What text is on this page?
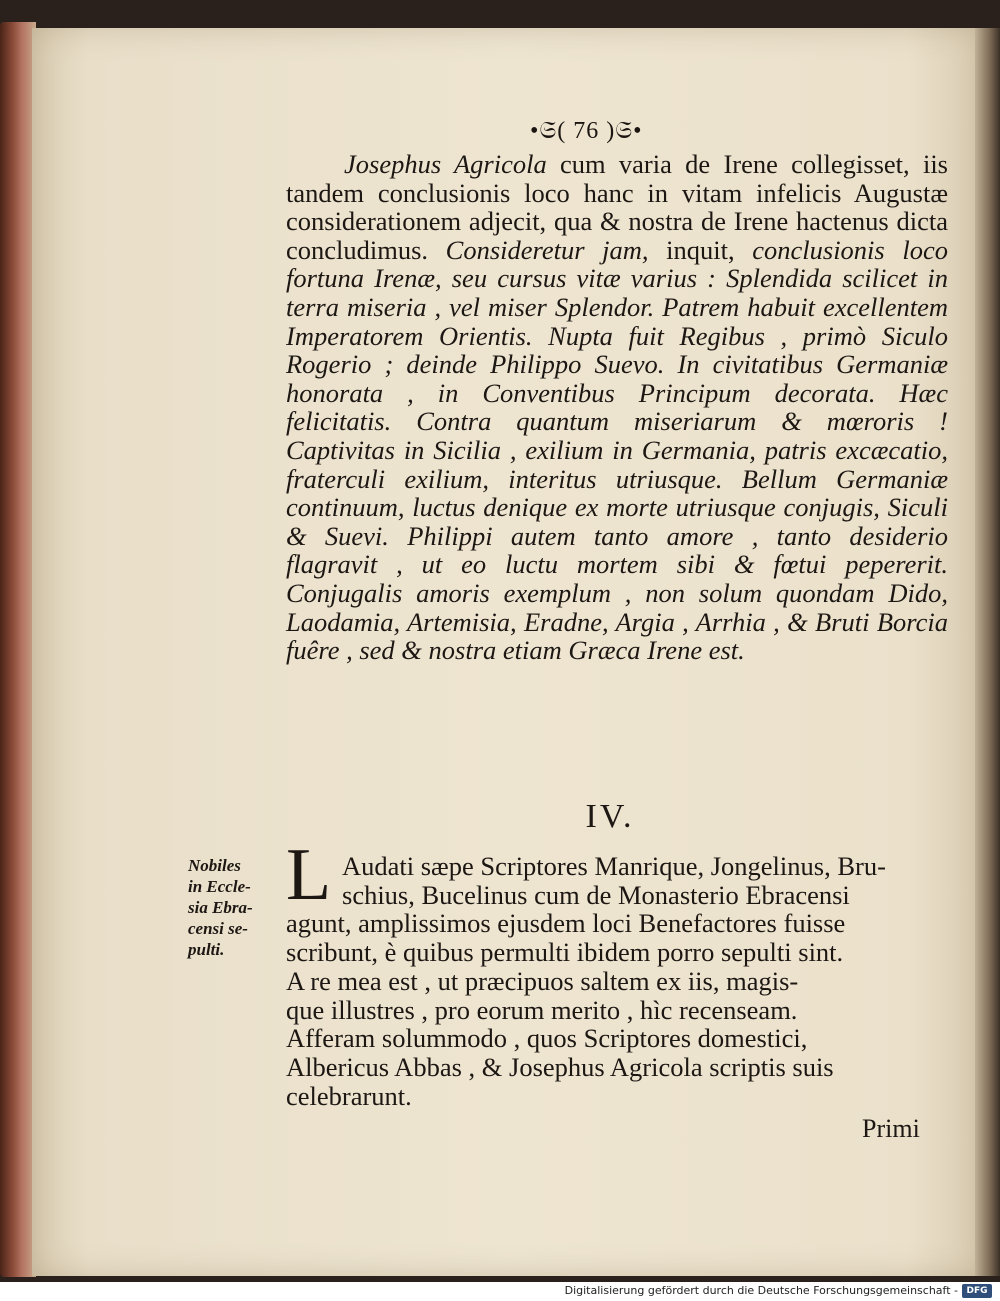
•𝔖( 76 )𝔖•

Josephus Agricola cum varia de Irene collegisset, iis tandem conclusionis loco hanc in vitam infelicis Augustæ considerationem adjecit, qua & nostra de Irene hactenus dicta concludimus. Consideretur jam, inquit, conclusionis loco fortuna Irenæ, seu cursus vitæ varius : Splendida scilicet in terra miseria , vel miser Splendor. Patrem habuit excellentem Imperatorem Orientis. Nupta fuit Regibus , primò Siculo Rogerio ; deinde Philippo Suevo. In civitatibus Germaniæ honorata , in Conventibus Principum decorata. Hæc felicitatis. Contra quantum miseriarum & mœroris ! Captivitas in Sicilia , exilium in Germania, patris excæcatio, fraterculi exilium, interitus utriusque. Bellum Germaniæ continuum, luctus denique ex morte utriusque conjugis, Siculi & Suevi. Philippi autem tanto amore , tanto desiderio flagravit , ut eo luctu mortem sibi & fœtui pepererit. Conjugalis amoris exemplum , non solum quondam Dido, Laodamia, Artemisia, Eradne, Argia , Arrhia , & Bruti Borcia fuêre , sed & nostra etiam Græca Irene est.

IV.
Nobiles
in Eccle-
sia Ebra-
censi se-
pulti.
L Audati sæpe Scriptores Manrique, Jongelinus, Bru-
schius, Bucelinus cum de Monasterio Ebracensi
agunt, amplissimos ejusdem loci Benefactores fuisse
scribunt, è quibus permulti ibidem porro sepulti sint.
A re mea est , ut præcipuos saltem ex iis, magis-
que illustres , pro eorum merito , hìc recenseam.
Afferam solummodo , quos Scriptores domestici,
Albericus Abbas , & Josephus Agricola scriptis suis
celebrarunt.
Primi
Digitalisierung gefördert durch die Deutsche Forschungsgemeinschaft - DFG
